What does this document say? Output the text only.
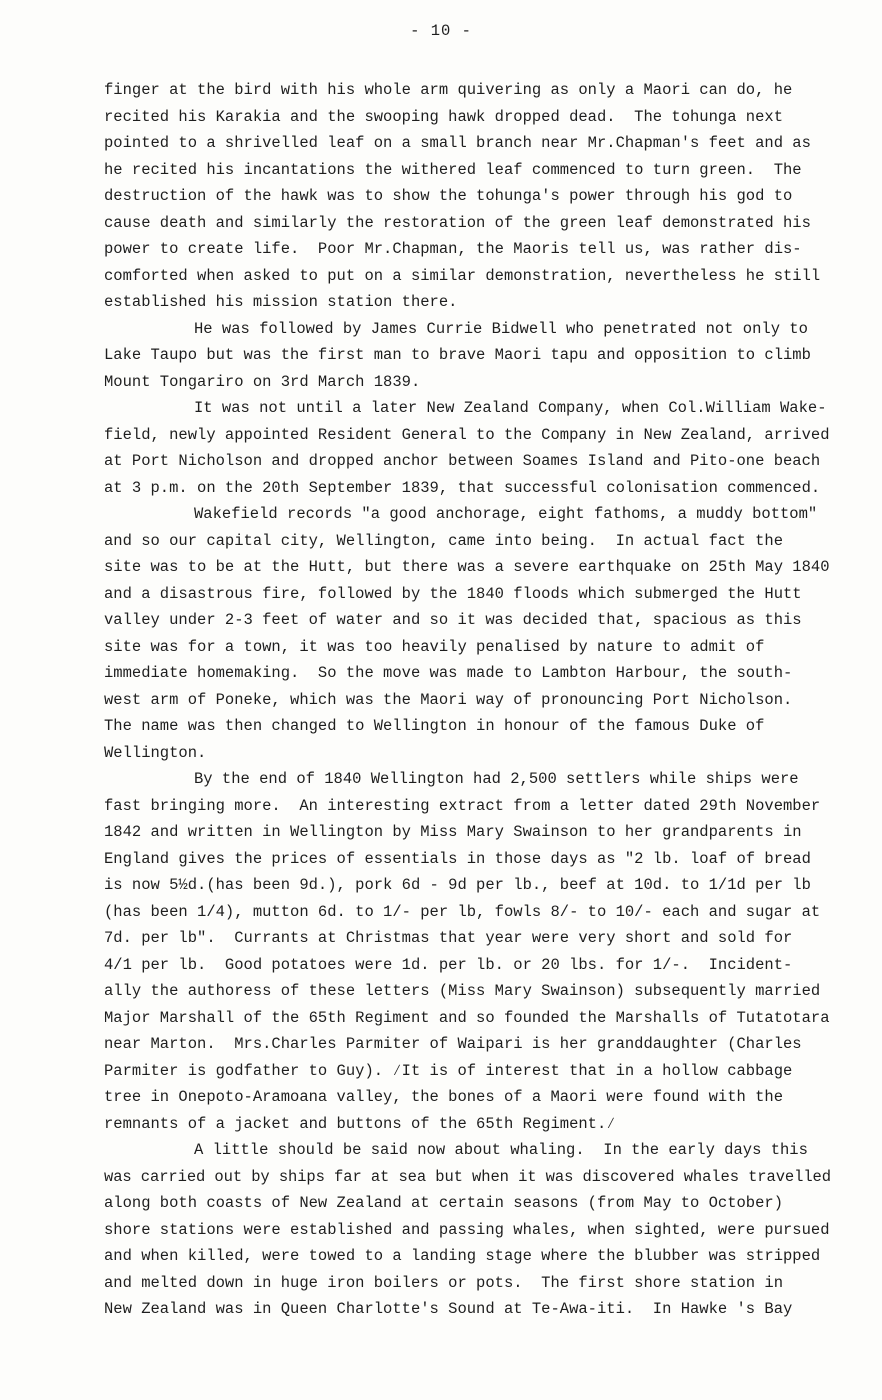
- 10 -
finger at the bird with his whole arm quivering as only a Maori can do, he
recited his Karakia and the swooping hawk dropped dead.  The tohunga next
pointed to a shrivelled leaf on a small branch near Mr.Chapman's feet and as
he recited his incantations the withered leaf commenced to turn green.  The
destruction of the hawk was to show the tohunga's power through his god to
cause death and similarly the restoration of the green leaf demonstrated his
power to create life.  Poor Mr.Chapman, the Maoris tell us, was rather dis-
comforted when asked to put on a similar demonstration, nevertheless he still
established his mission station there.
He was followed by James Currie Bidwell who penetrated not only to
Lake Taupo but was the first man to brave Maori tapu and opposition to climb
Mount Tongariro on 3rd March 1839.
It was not until a later New Zealand Company, when Col.William Wake-
field, newly appointed Resident General to the Company in New Zealand, arrived
at Port Nicholson and dropped anchor between Soames Island and Pito-one beach
at 3 p.m. on the 20th September 1839, that successful colonisation commenced.
Wakefield records "a good anchorage, eight fathoms, a muddy bottom"
and so our capital city, Wellington, came into being.  In actual fact the
site was to be at the Hutt, but there was a severe earthquake on 25th May 1840
and a disastrous fire, followed by the 1840 floods which submerged the Hutt
valley under 2-3 feet of water and so it was decided that, spacious as this
site was for a town, it was too heavily penalised by nature to admit of
immediate homemaking.  So the move was made to Lambton Harbour, the south-
west arm of Poneke, which was the Maori way of pronouncing Port Nicholson.
The name was then changed to Wellington in honour of the famous Duke of
Wellington.
By the end of 1840 Wellington had 2,500 settlers while ships were
fast bringing more.  An interesting extract from a letter dated 29th November
1842 and written in Wellington by Miss Mary Swainson to her grandparents in
England gives the prices of essentials in those days as "2 lb. loaf of bread
is now 5½d.(has been 9d.), pork 6d - 9d per lb., beef at 10d. to 1/1d per lb
(has been 1/4), mutton 6d. to 1/- per lb, fowls 8/- to 10/- each and sugar at
7d. per lb".  Currants at Christmas that year were very short and sold for
4/1 per lb.  Good potatoes were 1d. per lb. or 20 lbs. for 1/-.  Incident-
ally the authoress of these letters (Miss Mary Swainson) subsequently married
Major Marshall of the 65th Regiment and so founded the Marshalls of Tutatotara
near Marton.  Mrs.Charles Parmiter of Waipari is her granddaughter (Charles
Parmiter is godfather to Guy). ∕It is of interest that in a hollow cabbage
tree in Onepoto-Aramoana valley, the bones of a Maori were found with the
remnants of a jacket and buttons of the 65th Regiment.∕
A little should be said now about whaling.  In the early days this
was carried out by ships far at sea but when it was discovered whales travelled
along both coasts of New Zealand at certain seasons (from May to October)
shore stations were established and passing whales, when sighted, were pursued
and when killed, were towed to a landing stage where the blubber was stripped
and melted down in huge iron boilers or pots.  The first shore station in
New Zealand was in Queen Charlotte's Sound at Te-Awa-iti.  In Hawke 's Bay
